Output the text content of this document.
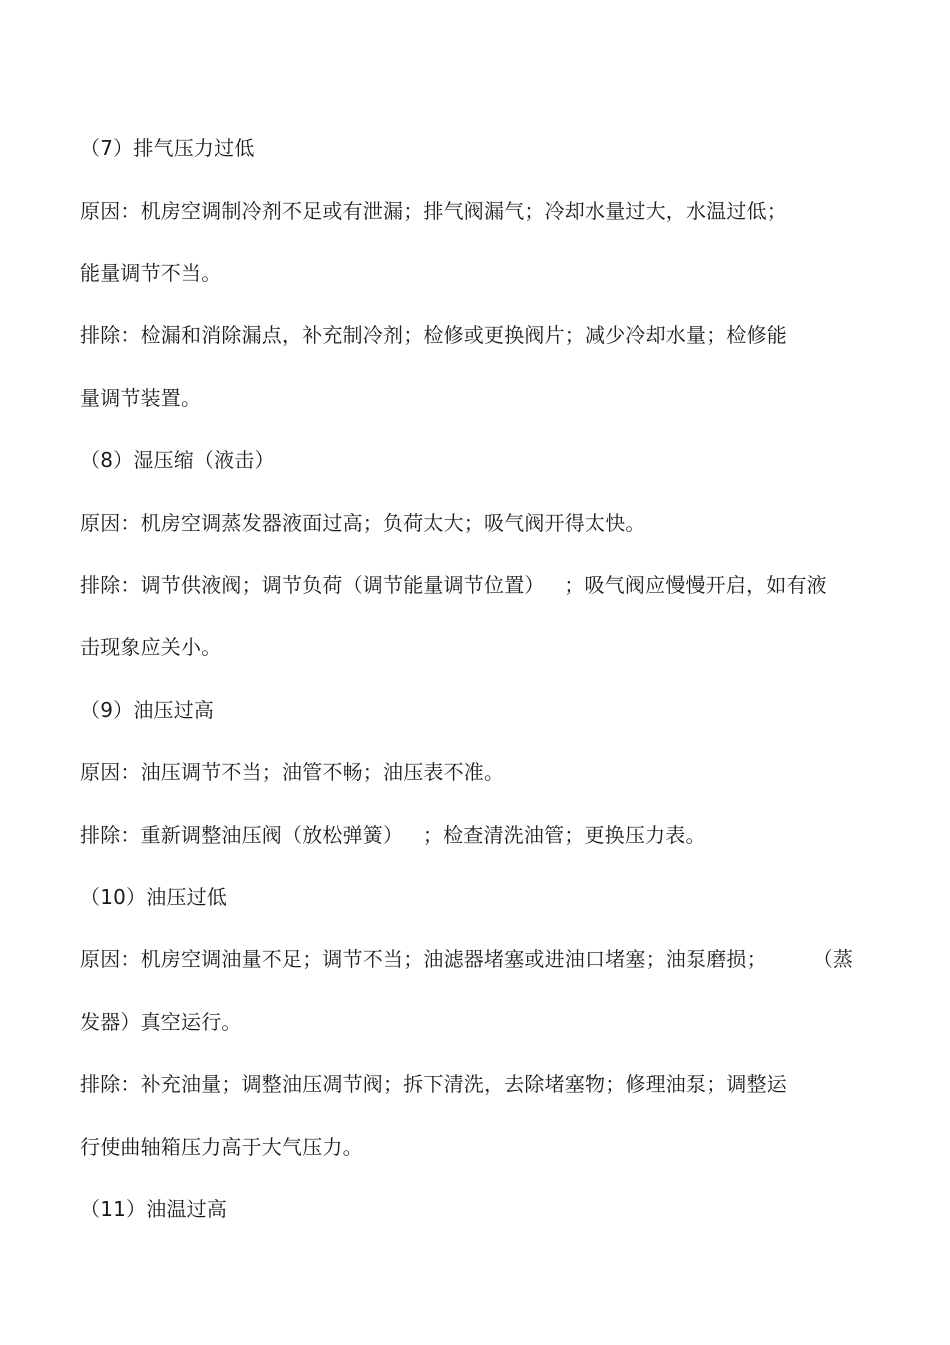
（7）排气压力过低
原因：机房空调制冷剂不足或有泄漏；排气阀漏气；冷却水量过大，水温过低；
能量调节不当。
排除：检漏和消除漏点，补充制冷剂；检修或更换阀片；减少冷却水量；检修能
量调节装置。
（8）湿压缩（液击）
原因：机房空调蒸发器液面过高；负荷太大；吸气阀开得太快。
排除：调节供液阀；调节负荷（调节能量调节位置）   ；吸气阀应慢慢开启，如有液
击现象应关小。
（9）油压过高
原因：油压调节不当；油管不畅；油压表不准。
排除：重新调整油压阀（放松弹簧）   ；检查清洗油管；更换压力表。
（10）油压过低
原因：机房空调油量不足；调节不当；油滤器堵塞或进油口堵塞；油泵磨损；       （蒸
发器）真空运行。
排除：补充油量；调整油压凋节阀；拆下清洗，去除堵塞物；修理油泵；调整运
行使曲轴箱压力高于大气压力。
（11）油温过高
